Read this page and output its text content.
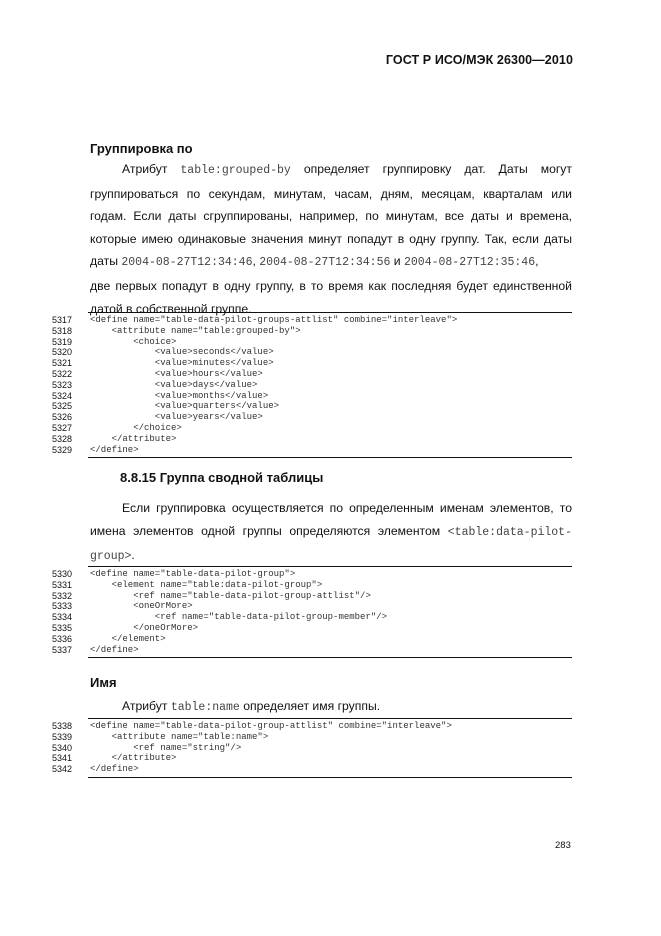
ГОСТ Р ИСО/МЭК 26300—2010
Группировка по
Атрибут table:grouped-by определяет группировку дат. Даты могут
группироваться по секундам, минутам, часам, дням, месяцам, кварталам или
годам. Если даты сгруппированы, например, по минутам, все даты и времена,
которые имею одинаковые значения минут попадут в одну группу. Так, если даты
даты 2004-08-27T12:34:46, 2004-08-27T12:34:56 и 2004-08-27T12:35:46,
две первых попадут в одну группу, в то время как последняя будет единственной
датой в собственной группе.
5317	<define name="table-data-pilot-groups-attlist" combine="interleave">
5318	<attribute name="table:grouped-by">
5319	<choice>
5320	<value>seconds</value>
5321	<value>minutes</value>
5322	<value>hours</value>
5323	<value>days</value>
5324	<value>months</value>
5325	<value>quarters</value>
5326	<value>years</value>
5327	</choice>
5328	</attribute>
5329	</define>
8.8.15 Группа сводной таблицы
Если группировка осуществляется по определенным именам элементов, то
имена элементов одной группы определяются элементом <table:data-pilot-
group>.
5330	<define name="table-data-pilot-group">
5331	<element name="table:data-pilot-group">
5332	<ref name="table-data-pilot-group-attlist"/>
5333	<oneOrMore>
5334	<ref name="table-data-pilot-group-member"/>
5335	</oneOrMore>
5336	</element>
5337	</define>
Имя
Атрибут table:name определяет имя группы.
5338	<define name="table-data-pilot-group-attlist" combine="interleave">
5339	<attribute name="table:name">
5340	<ref name="string"/>
5341	</attribute>
5342	</define>
283
